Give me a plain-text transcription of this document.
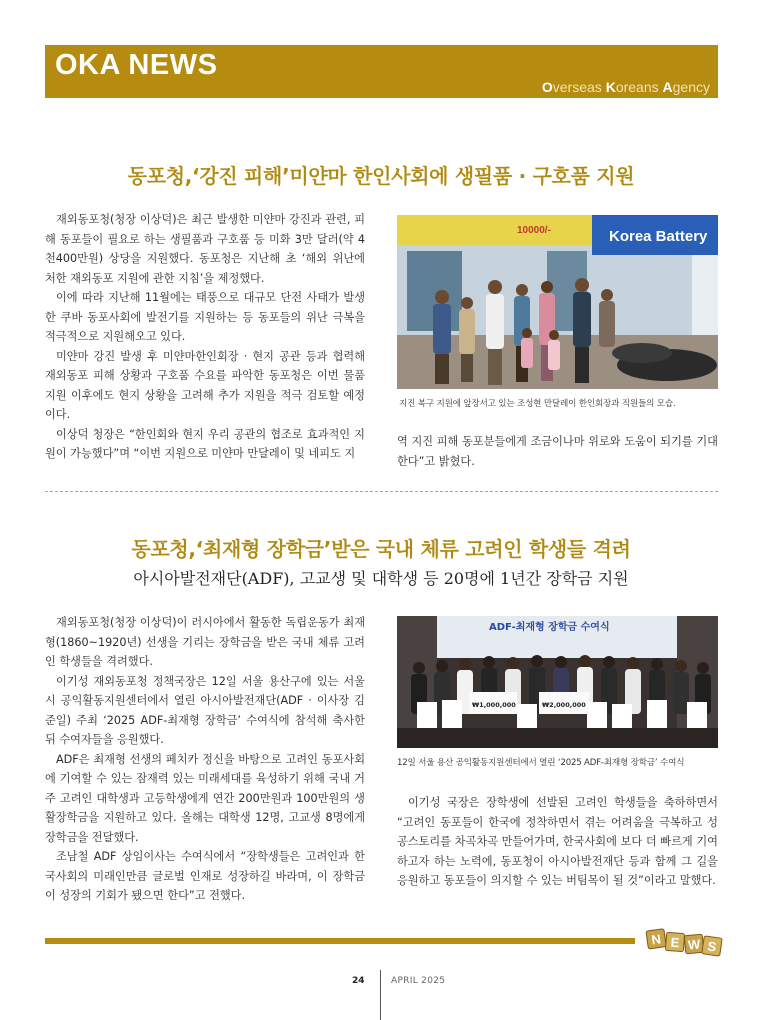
OKA NEWS
Overseas Koreans Agency
동포청,‘강진 피해’미얀마 한인사회에 생필품 · 구호품 지원

재외동포청(청장 이상덕)은 최근 발생한 미얀마 강진과 관련, 피해 동포들이 필요로 하는 생필품과 구호품 등 미화 3만 달러(약 4천400만원) 상당을 지원했다. 동포청은 지난해 초 ‘해외 위난에 처한 재외동포 지원에 관한 지침’을 제정했다.

이에 따라 지난해 11월에는 태풍으로 대규모 단전 사태가 발생한 쿠바 동포사회에 발전기를 지원하는 등 동포들의 위난 극복을 적극적으로 지원해오고 있다.

미얀마 강진 발생 후 미얀마한인회장 · 현지 공관 등과 협력해 재외동포 피해 상황과 구호품 수요를 파악한 동포청은 이번 물품 지원 이후에도 현지 상황을 고려해 추가 지원을 적극 검토할 예정이다.

이상덕 청장은 “한인회와 현지 우리 공관의 협조로 효과적인 지원이 가능했다”며 “이번 지원으로 미얀마 만달레이 및 네피도 지

Korea Battery
10000/-
지진 복구 지원에 앞장서고 있는 조성현 만달레이 한인회장과 직원들의 모습.

역 지진 피해 동포분들에게 조금이나마 위로와 도움이 되기를 기대한다”고 밝혔다.

동포청,‘최재형 장학금’받은 국내 체류 고려인 학생들 격려
아시아발전재단(ADF), 고교생 및 대학생 등 20명에 1년간 장학금 지원

재외동포청(청장 이상덕)이 러시아에서 활동한 독립운동가 최재형(1860~1920년) 선생을 기리는 장학금을 받은 국내 체류 고려인 학생들을 격려했다.

이기성 재외동포청 정책국장은 12일 서울 용산구에 있는 서울시 공익활동지원센터에서 열린 아시아발전재단(ADF · 이사장 김준일) 주최 ‘2025 ADF-최재형 장학금’ 수여식에 참석해 축사한 뒤 수여자들을 응원했다.

ADF은 최재형 선생의 페치카 정신을 바탕으로 고려인 동포사회에 기여할 수 있는 잠재력 있는 미래세대를 육성하기 위해 국내 거주 고려인 대학생과 고등학생에게 연간 200만원과 100만원의 생활장학금을 지원하고 있다. 올해는 대학생 12명, 고교생 8명에게 장학금을 전달했다.

조남철 ADF 상임이사는 수여식에서 “장학생들은 고려인과 한국사회의 미래인만큼 글로벌 인재로 성장하길 바라며, 이 장학금이 성장의 기회가 됐으면 한다”고 전했다.

ADF-최재형 장학금 수여식
₩1,000,000	₩2,000,000
12일 서울 용산 공익활동지원센터에서 열린 ‘2025 ADF-최재형 장학금’ 수여식

이기성 국장은 장학생에 선발된 고려인 학생들을 축하하면서 “고려인 동포들이 한국에 정착하면서 겪는 어려움을 극복하고 성공스토리를 차곡차곡 만들어가며, 한국사회에 보다 더 빠르게 기여하고자 하는 노력에, 동포청이 아시아발전재단 등과 함께 그 길을 응원하고 동포들이 의지할 수 있는 버팀목이 될 것”이라고 말했다.

N E W S
24	APRIL 2025
